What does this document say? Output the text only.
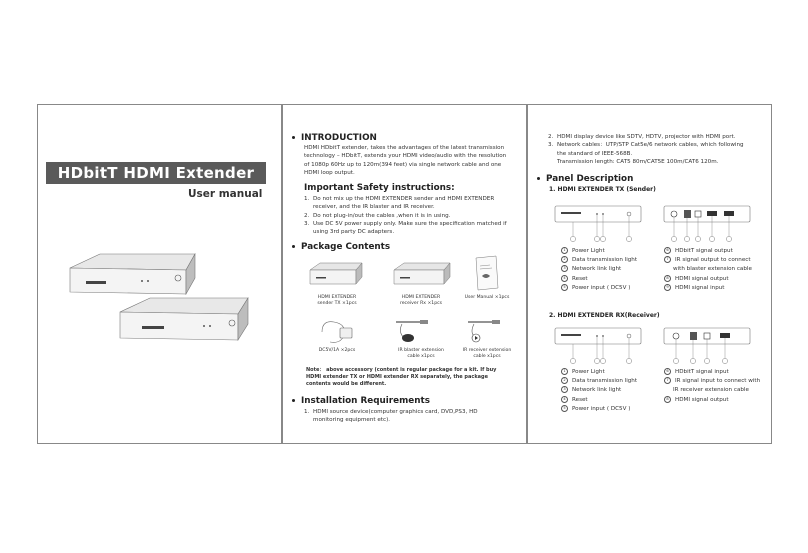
HDbitT HDMI Extender
User manual
INTRODUCTION
HDMI HDbitT extender, takes the advantages of the latest transmission
technology – HDbitT, extends your HDMI video/audio with the resolution
of 1080p 60Hz up to 120m(394 feet) via single network cable and one
HDMI loop output.
Important Safety instructions:
1. Do not mix up the HDMI EXTENDER sender and HDMI EXTENDER
receiver, and the IR blaster and IR receiver.
2. Do not plug-in/out the cables ,when it is in using.
3. Use DC 5V power supply only. Make sure the specification matched if
using 3rd party DC adapters.
Package Contents
HDMI EXTENDER
sender TX ×1pcs
HDMI EXTENDER
receiver Rx ×1pcs
User Manual ×1pcs
DC5V/1A ×2pcs	IR blaster extension
cable x1pcs
IR receiver extension
cable x1pcs
Note： above accessory (content is regular package for a kit. If buy HDMI extender TX or HDMI extender RX separately, the package contents would be different.
Installation Requirements
1. HDMI source device(computer graphics card, DVD,PS3, HD
monitoring equipment etc).
2. HDMI display device like SDTV, HDTV, projector with HDMI port.
3. Network cables：UTP/STP Cat5e/6 network cables, which following
the standard of IEEE-568B.
Transmission length: CAT5 80m/CAT5E 100m/CAT6 120m.
Panel Description
1. HDMI EXTENDER TX (Sender)
1 Power Light
2 Data transmission light
3 Network link light
4 Reset
5 Power input ( DC5V )
6 HDbitT signal output
7 IR signal output to connect
with blaster extension cable
8 HDMI signal output
9 HDMI signal input
2. HDMI EXTENDER RX(Receiver)
1 Power Light
2 Data transmission light
3 Network link light
4 Reset
5 Power input ( DC5V )
6 HDbitT signal input
7 IR signal input to connect with
IR receiver extension cable
8 HDMI signal output
